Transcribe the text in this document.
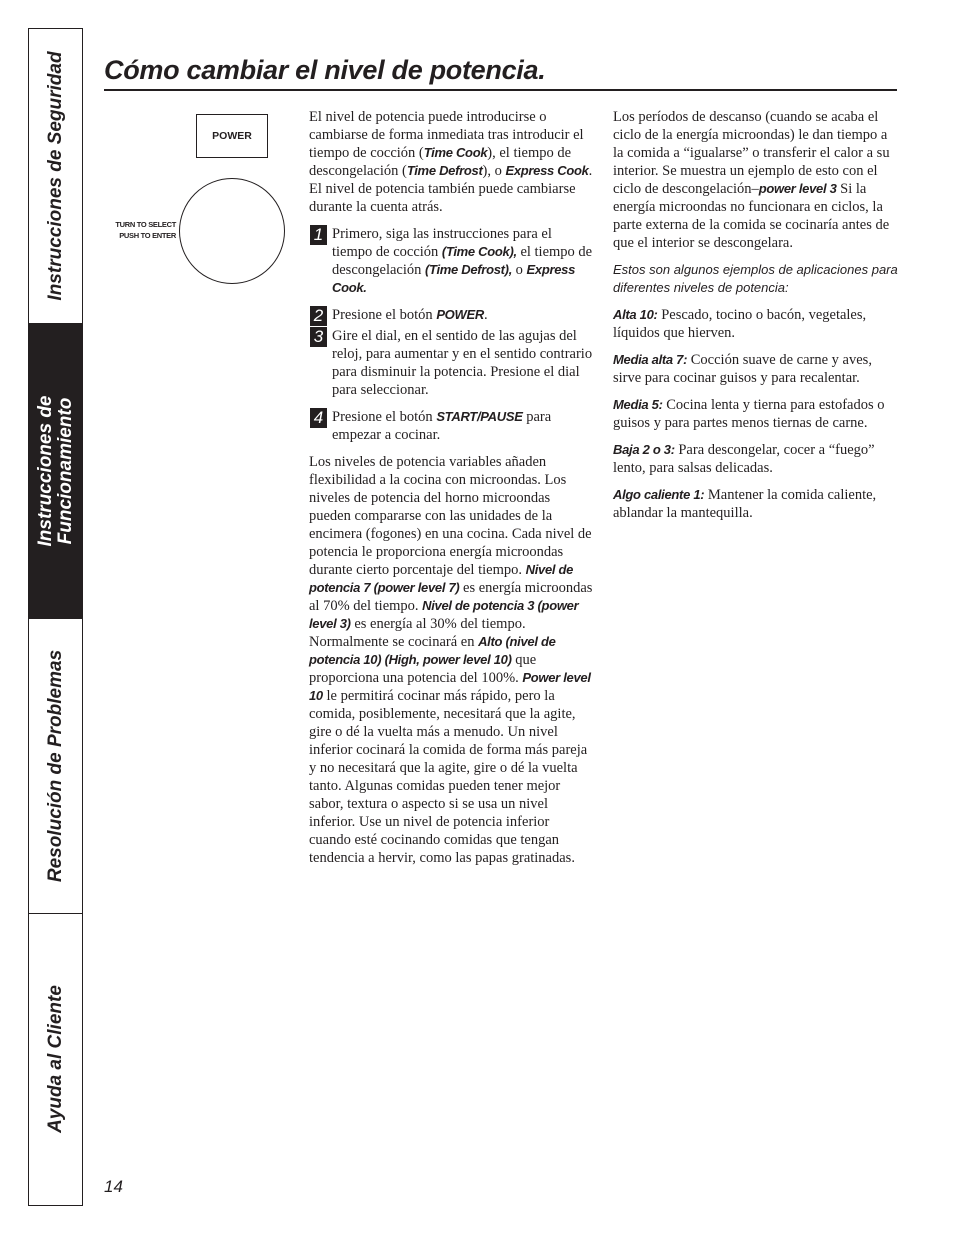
Instrucciones de Seguridad
Instrucciones de
Funcionamiento
Resolución de Problemas
Ayuda al Cliente
Cómo cambiar el nivel de potencia.
POWER
TURN TO SELECT
PUSH TO ENTER

El nivel de potencia puede introducirse o cambiarse de forma inmediata tras introducir el tiempo de cocción (Time Cook), el tiempo de descongelación (Time Defrost), o Express Cook. El nivel de potencia también puede cambiarse durante la cuenta atrás.

1 Primero, siga las instrucciones para el tiempo de cocción (Time Cook), el tiempo de descongelación (Time Defrost), o Express Cook.
2 Presione el botón POWER.
3 Gire el dial, en el sentido de las agujas del reloj, para aumentar y en el sentido contrario para disminuir la potencia. Presione el dial para seleccionar.
4 Presione el botón START/PAUSE para empezar a cocinar.

Los niveles de potencia variables añaden flexibilidad a la cocina con microondas. Los niveles de potencia del horno microondas pueden compararse con las unidades de la encimera (fogones) en una cocina. Cada nivel de potencia le proporciona energía microondas durante cierto porcentaje del tiempo. Nivel de potencia 7 (power level 7) es energía microondas al 70% del tiempo. Nivel de potencia 3 (power level 3) es energía al 30% del tiempo. Normalmente se cocinará en Alto (nivel de potencia 10) (High, power level 10) que proporciona una potencia del 100%. Power level 10 le permitirá cocinar más rápido, pero la comida, posiblemente, necesitará que la agite, gire o dé la vuelta más a menudo. Un nivel inferior cocinará la comida de forma más pareja y no necesitará que la agite, gire o dé la vuelta tanto. Algunas comidas pueden tener mejor sabor, textura o aspecto si se usa un nivel inferior. Use un nivel de potencia inferior cuando esté cocinando comidas que tengan tendencia a hervir, como las papas gratinadas.

Los períodos de descanso (cuando se acaba el ciclo de la energía microondas) le dan tiempo a la comida a “igualarse” o transferir el calor a su interior. Se muestra un ejemplo de esto con el ciclo de descongelación–power level 3 Si la energía microondas no funcionara en ciclos, la parte externa de la comida se cocinaría antes de que el interior se descongelara.

Estos son algunos ejemplos de aplicaciones para diferentes niveles de potencia:

Alta 10: Pescado, tocino o bacón, vegetales, líquidos que hierven.

Media alta 7: Cocción suave de carne y aves, sirve para cocinar guisos y para recalentar.

Media 5: Cocina lenta y tierna para estofados o guisos y para partes menos tiernas de carne.

Baja 2 o 3: Para descongelar, cocer a “fuego” lento, para salsas delicadas.

Algo caliente 1: Mantener la comida caliente, ablandar la mantequilla.

14
